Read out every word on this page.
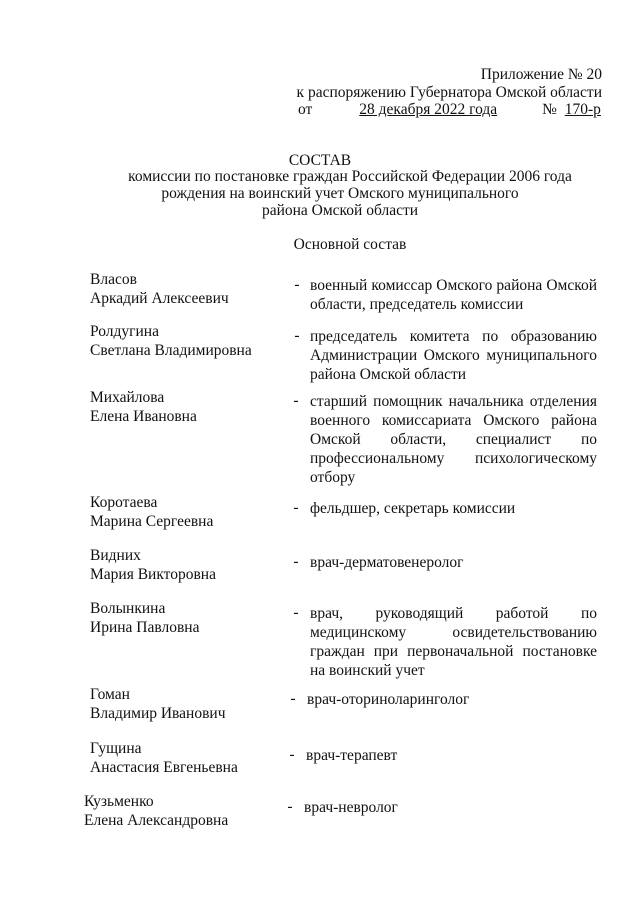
Приложение № 20
к распоряжению Губернатора Омской области
от	28 декабря 2022 года	№ 170-р
СОСТАВ
комиссии по постановке граждан Российской Федерации 2006 года
рождения на воинский учет Омского муниципального
района Омской области
Основной состав
Власов
Аркадий Алексеевич
- военный комиссар Омского района Омской области, председатель комиссии
Ролдугина
Светлана Владимировна
- председатель комитета по образованию Администрации Омского муниципального района Омской области
Михайлова
Елена Ивановна
- старший помощник начальника отделения военного комиссариата Омского района Омской области, специалист по профессиональному психологическому отбору
Коротаева
Марина Сергеевна
- фельдшер, секретарь комиссии
Видних
Мария Викторовна
- врач-дерматовенеролог
Волынкина
Ирина Павловна
- врач, руководящий работой по медицинскому освидетельствованию граждан при первоначальной постановке на воинский учет
Гоман
Владимир Иванович
- врач-оториноларинголог
Гущина
Анастасия Евгеньевна
- врач-терапевт
Кузьменко
Елена Александровна
- врач-невролог
